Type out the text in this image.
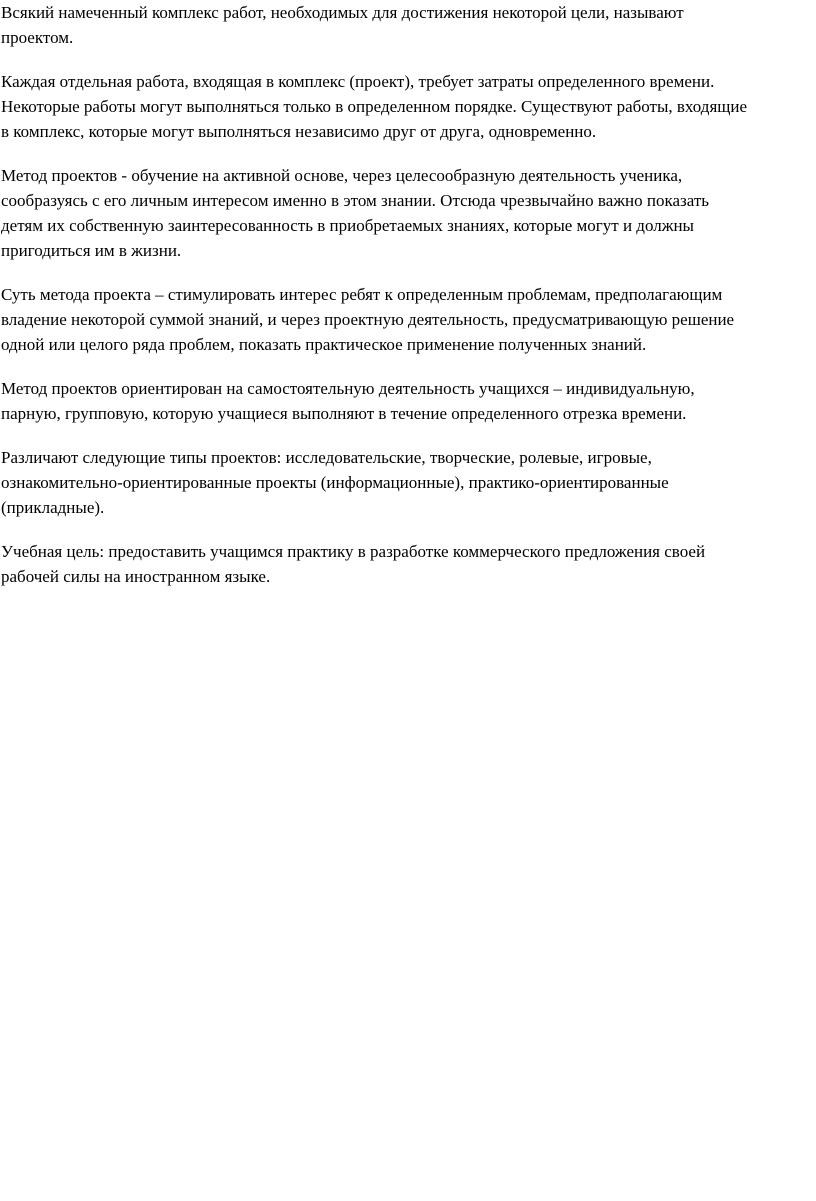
Всякий намеченный комплекс работ, необходимых для достижения некоторой цели, называют
проектом.

Каждая отдельная работа, входящая в комплекс (проект), требует затраты определенного времени.
Некоторые работы могут выполняться только в определенном порядке. Существуют работы, входящие
в комплекс, которые могут выполняться независимо друг от друга, одновременно.

Метод проектов - обучение на активной основе, через целесообразную деятельность ученика,
сообразуясь с его личным интересом именно в этом знании. Отсюда чрезвычайно важно показать
детям их собственную заинтересованность в приобретаемых знаниях, которые могут и должны
пригодиться им в жизни.

Суть метода проекта – стимулировать интерес ребят к определенным проблемам, предполагающим
владение некоторой суммой знаний, и через проектную деятельность, предусматривающую решение
одной или целого ряда проблем, показать практическое применение полученных знаний.

Метод проектов ориентирован на самостоятельную деятельность учащихся – индивидуальную,
парную, групповую, которую учащиеся выполняют в течение определенного отрезка времени.

Различают следующие типы проектов: исследовательские, творческие, ролевые, игровые,
ознакомительно-ориентированные проекты (информационные), практико-ориентированные
(прикладные).

Учебная цель: предоставить учащимся практику в разработке коммерческого предложения своей
рабочей силы на иностранном языке.
